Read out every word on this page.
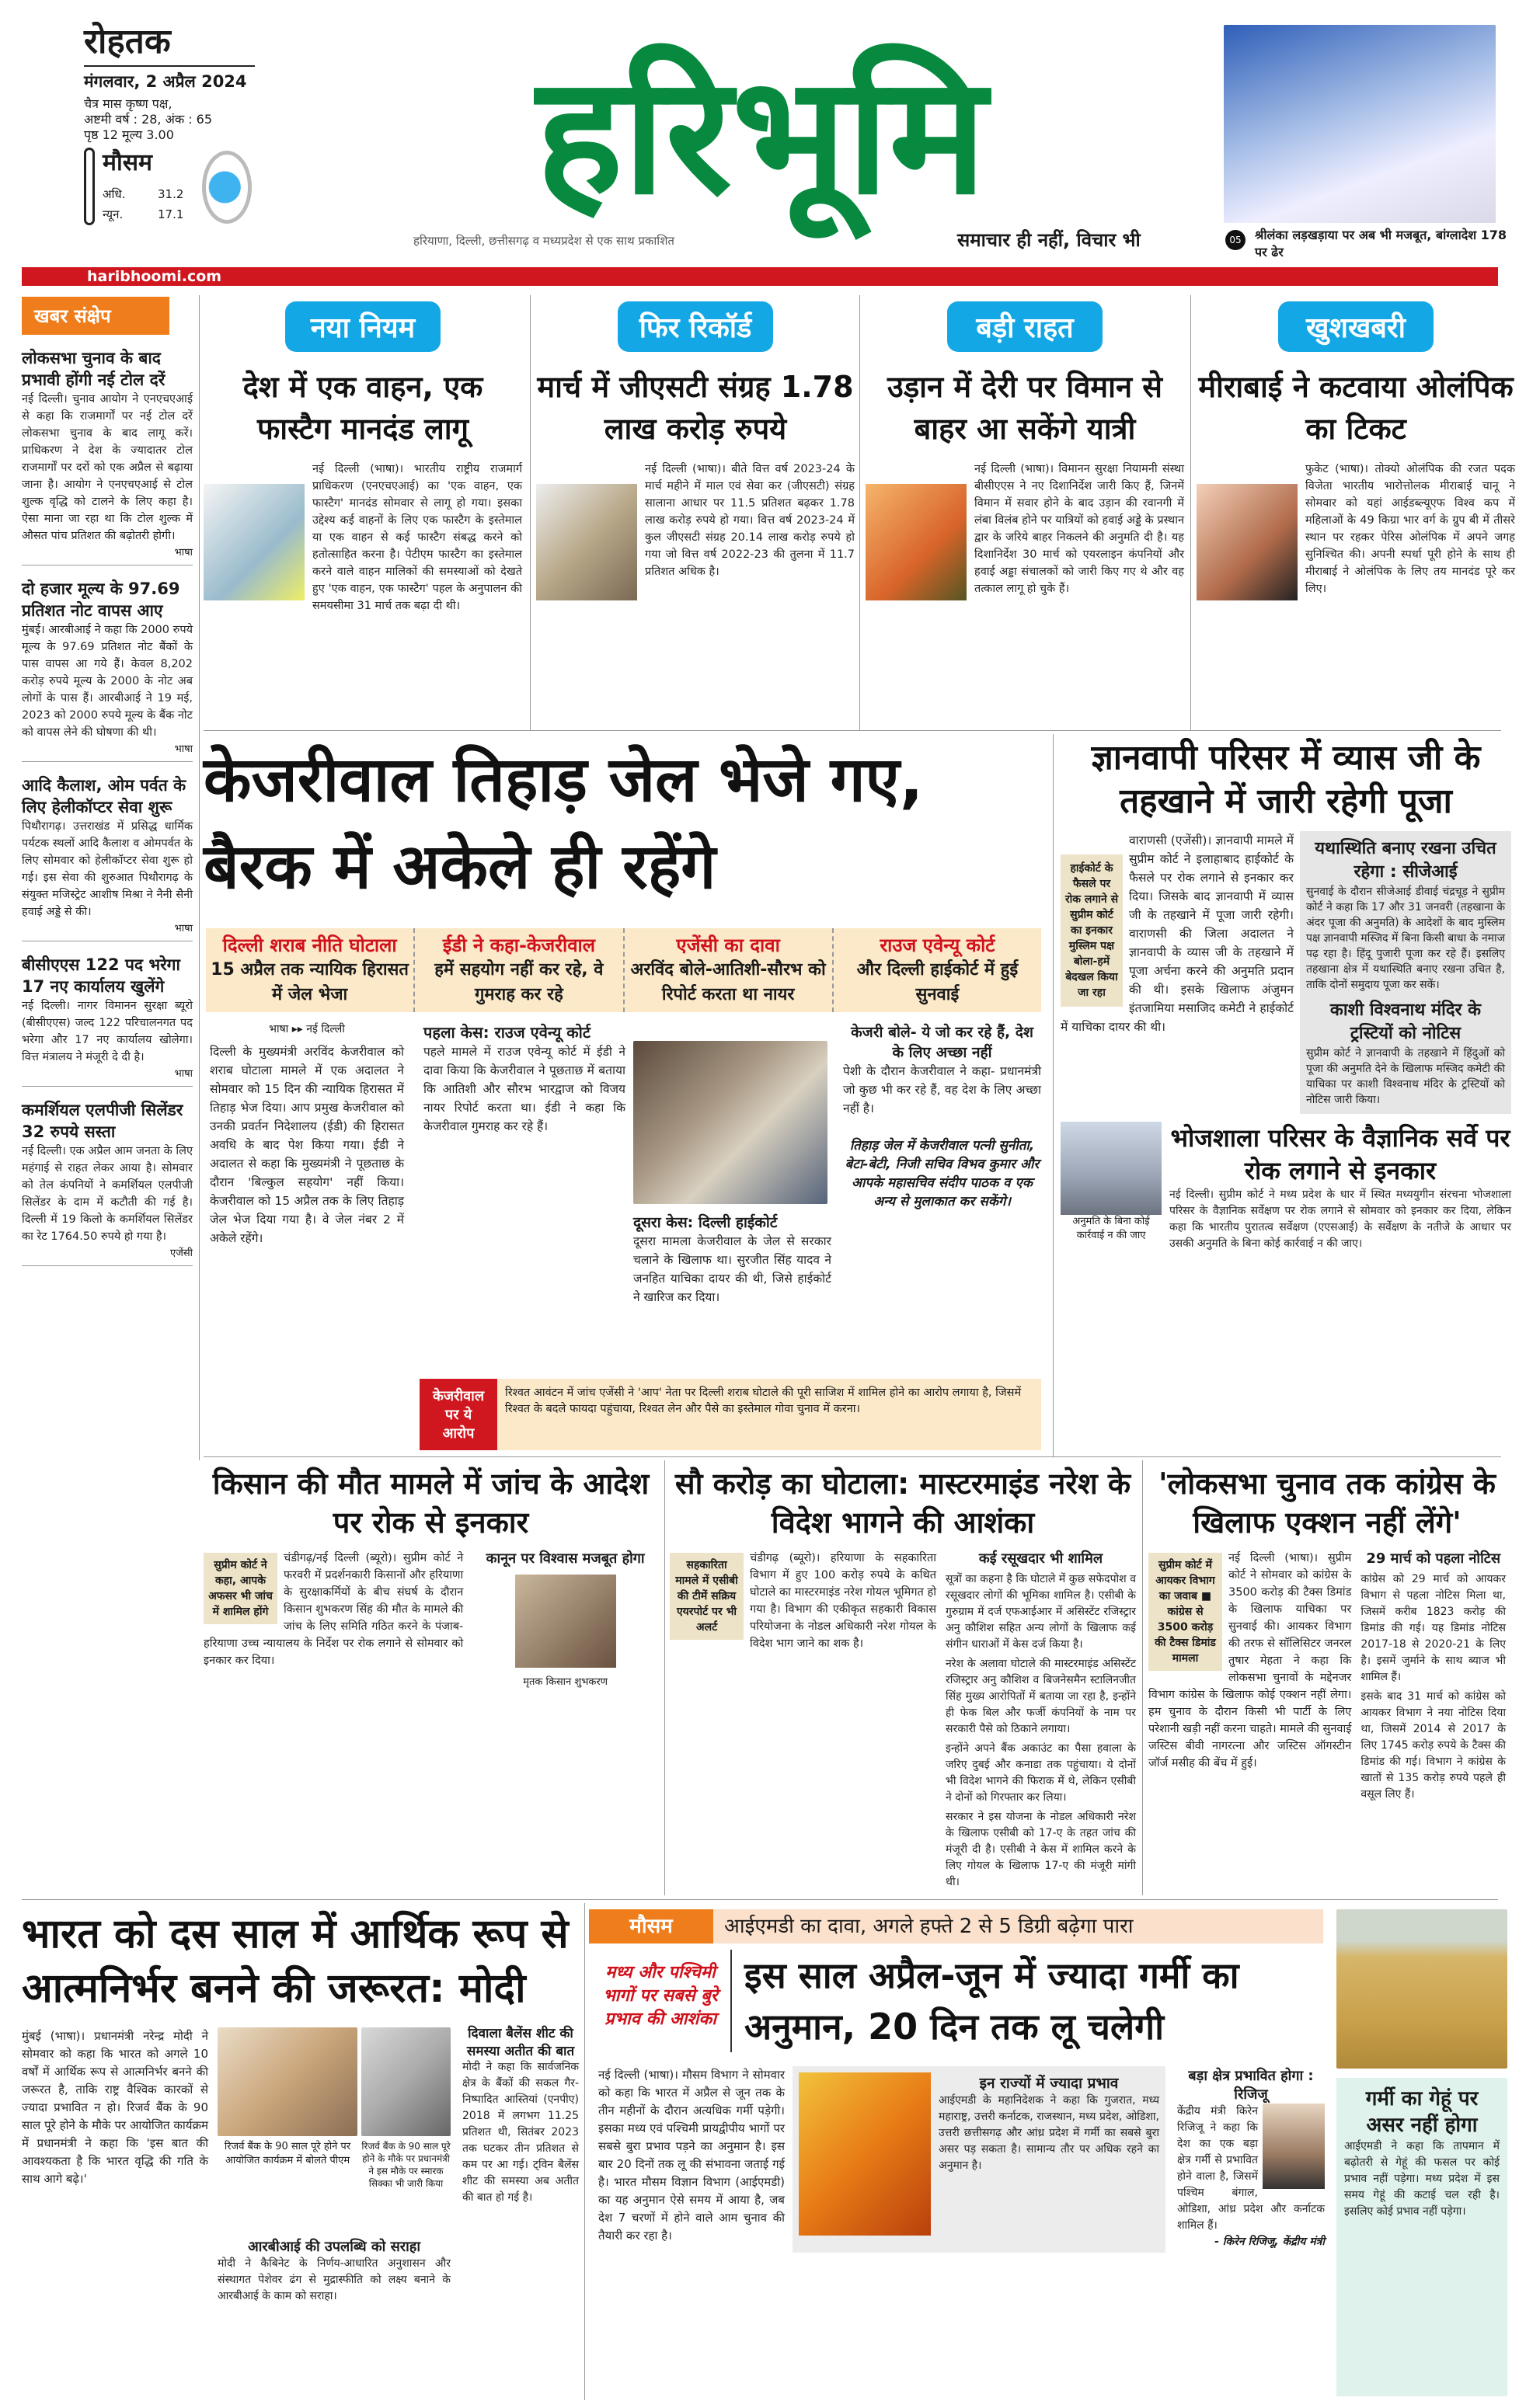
रोहतक
मंगलवार, 2 अप्रैल 2024
चैत्र मास कृष्ण पक्ष,
अष्टमी वर्ष : 28, अंक : 65
पृष्ठ 12 मूल्य 3.00
मौसम
अधि.	31.2
न्यून.	17.1	हरिभूमि
हरियाणा, दिल्ली, छत्तीसगढ़ व मध्यप्रदेश से एक साथ प्रकाशित	समाचार ही नहीं, विचार भी	05	श्रीलंका लड़खड़ाया पर अब भी मजबूत, बांग्लादेश 178 पर ढेर
haribhoomi.com
खबर संक्षेप
लोकसभा चुनाव के बाद प्रभावी होंगी नई टोल दरें
नई दिल्ली। चुनाव आयोग ने एनएचएआई से कहा कि राजमार्गों पर नई टोल दरें लोकसभा चुनाव के बाद लागू करें। प्राधिकरण ने देश के ज्यादातर टोल राजमार्गों पर दरों को एक अप्रैल से बढ़ाया जाना है। आयोग ने एनएचएआई से टोल शुल्क वृद्धि को टालने के लिए कहा है। ऐसा माना जा रहा था कि टोल शुल्क में औसत पांच प्रतिशत की बढ़ोतरी होगी।
भाषा
दो हजार मूल्य के 97.69 प्रतिशत नोट वापस आए
मुंबई। आरबीआई ने कहा कि 2000 रुपये मूल्य के 97.69 प्रतिशत नोट बैंकों के पास वापस आ गये हैं। केवल 8,202 करोड़ रुपये मूल्य के 2000 के नोट अब लोगों के पास हैं। आरबीआई ने 19 मई, 2023 को 2000 रुपये मूल्य के बैंक नोट को वापस लेने की घोषणा की थी।
भाषा
आदि कैलाश, ओम पर्वत के लिए हेलीकॉप्टर सेवा शुरू
पिथौरागढ़। उत्तराखंड में प्रसिद्ध धार्मिक पर्यटक स्थलों आदि कैलाश व ओमपर्वत के लिए सोमवार को हेलीकॉप्टर सेवा शुरू हो गई। इस सेवा की शुरुआत पिथौरागढ़ के संयुक्त मजिस्ट्रेट आशीष मिश्रा ने नैनी सैनी हवाई अड्डे से की।
भाषा
बीसीएएस 122 पद भरेगा 17 नए कार्यालय खुलेंगे
नई दिल्ली। नागर विमानन सुरक्षा ब्यूरो (बीसीएएस) जल्द 122 परिचालनगत पद भरेगा और 17 नए कार्यालय खोलेगा। वित्त मंत्रालय ने मंजूरी दे दी है।
भाषा
कमर्शियल एलपीजी सिलेंडर 32 रुपये सस्ता
नई दिल्ली। एक अप्रैल आम जनता के लिए महंगाई से राहत लेकर आया है। सोमवार को तेल कंपनियों ने कमर्शियल एलपीजी सिलेंडर के दाम में कटौती की गई है। दिल्ली में 19 किलो के कमर्शियल सिलेंडर का रेट 1764.50 रुपये हो गया है।
एजेंसी
नया नियम
देश में एक वाहन, एक फास्टैग मानदंड लागू
नई दिल्ली (भाषा)। भारतीय राष्ट्रीय राजमार्ग प्राधिकरण (एनएचएआई) का 'एक वाहन, एक फास्टैग' मानदंड सोमवार से लागू हो गया। इसका उद्देश्य कई वाहनों के लिए एक फास्टैग के इस्तेमाल या एक वाहन से कई फास्टैग संबद्ध करने को हतोत्साहित करना है। पेटीएम फास्टैग का इस्तेमाल करने वाले वाहन मालिकों की समस्याओं को देखते हुए 'एक वाहन, एक फास्टैग' पहल के अनुपालन की समयसीमा 31 मार्च तक बढ़ा दी थी।
फिर रिकॉर्ड
मार्च में जीएसटी संग्रह 1.78 लाख करोड़ रुपये
नई दिल्ली (भाषा)। बीते वित्त वर्ष 2023-24 के मार्च महीने में माल एवं सेवा कर (जीएसटी) संग्रह सालाना आधार पर 11.5 प्रतिशत बढ़कर 1.78 लाख करोड़ रुपये हो गया। वित्त वर्ष 2023-24 में कुल जीएसटी संग्रह 20.14 लाख करोड़ रुपये हो गया जो वित्त वर्ष 2022-23 की तुलना में 11.7 प्रतिशत अधिक है।
बड़ी राहत
उड़ान में देरी पर विमान से बाहर आ सकेंगे यात्री
नई दिल्ली (भाषा)। विमानन सुरक्षा नियामनी संस्था बीसीएएस ने नए दिशानिर्देश जारी किए हैं, जिनमें विमान में सवार होने के बाद उड़ान की रवानगी में लंबा विलंब होने पर यात्रियों को हवाई अड्डे के प्रस्थान द्वार के जरिये बाहर निकलने की अनुमति दी है। यह दिशानिर्देश 30 मार्च को एयरलाइन कंपनियों और हवाई अड्डा संचालकों को जारी किए गए थे और वह तत्काल लागू हो चुके हैं।
खुशखबरी
मीराबाई ने कटवाया ओलंपिक का टिकट
फुकेट (भाषा)। तोक्यो ओलंपिक की रजत पदक विजेता भारतीय भारोत्तोलक मीराबाई चानू ने सोमवार को यहां आईडब्ल्यूएफ विश्व कप में महिलाओं के 49 किग्रा भार वर्ग के ग्रुप बी में तीसरे स्थान पर रहकर पेरिस ओलंपिक में अपने जगह सुनिश्चित की। अपनी स्पर्धा पूरी होने के साथ ही मीराबाई ने ओलंपिक के लिए तय मानदंड पूरे कर लिए।
केजरीवाल तिहाड़ जेल भेजे गए, बैरक में अकेले ही रहेंगे
दिल्ली शराब नीति घोटाला
15 अप्रैल तक न्यायिक हिरासत में जेल भेजा
ईडी ने कहा-केजरीवाल
हमें सहयोग नहीं कर रहे, वे गुमराह कर रहे
एजेंसी का दावा
अरविंद बोले-आतिशी-सौरभ को रिपोर्ट करता था नायर
राउज एवेन्यू कोर्ट
और दिल्ली हाईकोर्ट में हुई सुनवाई
भाषा ▸▸ नई दिल्ली
दिल्ली के मुख्यमंत्री अरविंद केजरीवाल को शराब घोटाला मामले में एक अदालत ने सोमवार को 15 दिन की न्यायिक हिरासत में तिहाड़ भेज दिया। आप प्रमुख केजरीवाल को उनकी प्रवर्तन निदेशालय (ईडी) की हिरासत अवधि के बाद पेश किया गया। ईडी ने अदालत से कहा कि मुख्यमंत्री ने पूछताछ के दौरान 'बिल्कुल सहयोग' नहीं किया। केजरीवाल को 15 अप्रैल तक के लिए तिहाड़ जेल भेज दिया गया है। वे जेल नंबर 2 में अकेले रहेंगे।
पहला केस: राउज एवेन्यू कोर्ट
पहले मामले में राउज एवेन्यू कोर्ट में ईडी ने दावा किया कि केजरीवाल ने पूछताछ में बताया कि आतिशी और सौरभ भारद्वाज को विजय नायर रिपोर्ट करता था। ईडी ने कहा कि केजरीवाल गुमराह कर रहे हैं।
दूसरा केस: दिल्ली हाईकोर्ट
दूसरा मामला केजरीवाल के जेल से सरकार चलाने के खिलाफ था। सुरजीत सिंह यादव ने जनहित याचिका दायर की थी, जिसे हाईकोर्ट ने खारिज कर दिया।
केजरी बोले- ये जो कर रहे हैं, देश के लिए अच्छा नहीं
पेशी के दौरान केजरीवाल ने कहा- प्रधानमंत्री जो कुछ भी कर रहे हैं, वह देश के लिए अच्छा नहीं है।
तिहाड़ जेल में केजरीवाल पत्नी सुनीता, बेटा-बेटी, निजी सचिव विभव कुमार और आपके महासचिव संदीप पाठक व एक अन्य से मुलाकात कर सकेंगे।
केजरीवाल पर ये आरोप
रिश्वत आवंटन में जांच एजेंसी ने 'आप' नेता पर दिल्ली शराब घोटाले की पूरी साजिश में शामिल होने का आरोप लगाया है, जिसमें रिश्वत के बदले फायदा पहुंचाया, रिश्वत लेन और पैसे का इस्तेमाल गोवा चुनाव में करना।
ज्ञानवापी परिसर में व्यास जी के तहखाने में जारी रहेगी पूजा
हाईकोर्ट के फैसले पर रोक लगाने से सुप्रीम कोर्ट का इनकार मुस्लिम पक्ष बोला-हमें बेदखल किया जा रहा
वाराणसी (एजेंसी)। ज्ञानवापी मामले में सुप्रीम कोर्ट ने इलाहाबाद हाईकोर्ट के फैसले पर रोक लगाने से इनकार कर दिया। जिसके बाद ज्ञानवापी में व्यास जी के तहखाने में पूजा जारी रहेगी। वाराणसी की जिला अदालत ने ज्ञानवापी के व्यास जी के तहखाने में पूजा अर्चना करने की अनुमति प्रदान की थी। इसके खिलाफ अंजुमन इंतजामिया मसाजिद कमेटी ने हाईकोर्ट में याचिका दायर की थी।
यथास्थिति बनाए रखना उचित रहेगा : सीजेआई
सुनवाई के दौरान सीजेआई डीवाई चंद्रचूड़ ने सुप्रीम कोर्ट ने कहा कि 17 और 31 जनवरी (तहखाना के अंदर पूजा की अनुमति) के आदेशों के बाद मुस्लिम पक्ष ज्ञानवापी मस्जिद में बिना किसी बाधा के नमाज पढ़ रहा है। हिंदू पुजारी पूजा कर रहे हैं। इसलिए तहखाना क्षेत्र में यथास्थिति बनाए रखना उचित है, ताकि दोनों समुदाय पूजा कर सकें।
काशी विश्वनाथ मंदिर के ट्रस्टियों को नोटिस
सुप्रीम कोर्ट ने ज्ञानवापी के तहखाने में हिंदुओं को पूजा की अनुमति देने के खिलाफ मस्जिद कमेटी की याचिका पर काशी विश्वनाथ मंदिर के ट्रस्टियों को नोटिस जारी किया।
अनुमति के बिना कोई कार्रवाई न की जाए
भोजशाला परिसर के वैज्ञानिक सर्वे पर रोक लगाने से इनकार
नई दिल्ली। सुप्रीम कोर्ट ने मध्य प्रदेश के धार में स्थित मध्ययुगीन संरचना भोजशाला परिसर के वैज्ञानिक सर्वेक्षण पर रोक लगाने से सोमवार को इनकार कर दिया, लेकिन कहा कि भारतीय पुरातत्व सर्वेक्षण (एएसआई) के सर्वेक्षण के नतीजे के आधार पर उसकी अनुमति के बिना कोई कार्रवाई न की जाए।
किसान की मौत मामले में जांच के आदेश पर रोक से इनकार
सुप्रीम कोर्ट ने कहा, आपके अफसर भी जांच में शामिल होंगे
चंडीगढ़/नई दिल्ली (ब्यूरो)। सुप्रीम कोर्ट ने फरवरी में प्रदर्शनकारी किसानों और हरियाणा के सुरक्षाकर्मियों के बीच संघर्ष के दौरान किसान शुभकरण सिंह की मौत के मामले की जांच के लिए समिति गठित करने के पंजाब-हरियाणा उच्च न्यायालय के निर्देश पर रोक लगाने से सोमवार को इनकार कर दिया।
कानून पर विश्वास मजबूत होगा
मृतक किसान शुभकरण
सौ करोड़ का घोटाला: मास्टरमाइंड नरेश के विदेश भागने की आशंका
सहकारिता मामले में एसीबी की टीमें सक्रिय एयरपोर्ट पर भी अलर्ट
चंडीगढ़ (ब्यूरो)। हरियाणा के सहकारिता विभाग में हुए 100 करोड़ रुपये के कथित घोटाले का मास्टरमाइंड नरेश गोयल भूमिगत हो गया है। विभाग की एकीकृत सहकारी विकास परियोजना के नोडल अधिकारी नरेश गोयल के विदेश भाग जाने का शक है।
कई रसूखदार भी शामिल
सूत्रों का कहना है कि घोटाले में कुछ सफेदपोश व रसूखदार लोगों की भूमिका शामिल है। एसीबी के गुरुग्राम में दर्ज एफआईआर में असिस्टेंट रजिस्ट्रार अनु कौशिश सहित अन्य लोगों के खिलाफ कई संगीन धाराओं में केस दर्ज किया है।
नरेश के अलावा घोटाले की मास्टरमाइंड असिस्टेंट रजिस्ट्रार अनु कौशिश व बिजनेसमैन स्टालिनजीत सिंह मुख्य आरोपितों में बताया जा रहा है, इन्होंने ही फेक बिल और फर्जी कंपनियों के नाम पर सरकारी पैसे को ठिकाने लगाया।
इन्होंने अपने बैंक अकाउंट का पैसा हवाला के जरिए दुबई और कनाडा तक पहुंचाया। ये दोनों भी विदेश भागने की फिराक में थे, लेकिन एसीबी ने दोनों को गिरफ्तार कर लिया।
सरकार ने इस योजना के नोडल अधिकारी नरेश के खिलाफ एसीबी को 17-ए के तहत जांच की मंजूरी दी है। एसीबी ने केस में शामिल करने के लिए गोयल के खिलाफ 17-ए की मंजूरी मांगी थी।
'लोकसभा चुनाव तक कांग्रेस के खिलाफ एक्शन नहीं लेंगे'
सुप्रीम कोर्ट में आयकर विभाग का जवाब ■ कांग्रेस से 3500 करोड़ की टैक्स डिमांड मामला
नई दिल्ली (भाषा)। सुप्रीम कोर्ट ने सोमवार को कांग्रेस के 3500 करोड़ की टैक्स डिमांड के खिलाफ याचिका पर सुनवाई की। आयकर विभाग की तरफ से सॉलिसिटर जनरल तुषार मेहता ने कहा कि लोकसभा चुनावों के मद्देनजर विभाग कांग्रेस के खिलाफ कोई एक्शन नहीं लेगा। हम चुनाव के दौरान किसी भी पार्टी के लिए परेशानी खड़ी नहीं करना चाहते। मामले की सुनवाई जस्टिस बीवी नागरत्ना और जस्टिस ऑगस्टीन जॉर्ज मसीह की बेंच में हुई।
29 मार्च को पहला नोटिस
कांग्रेस को 29 मार्च को आयकर विभाग से पहला नोटिस मिला था, जिसमें करीब 1823 करोड़ की डिमांड की गई। यह डिमांड नोटिस 2017-18 से 2020-21 के लिए है। इसमें जुर्माने के साथ ब्याज भी शामिल हैं।
इसके बाद 31 मार्च को कांग्रेस को आयकर विभाग ने नया नोटिस दिया था, जिसमें 2014 से 2017 के लिए 1745 करोड़ रुपये के टैक्स की डिमांड की गई। विभाग ने कांग्रेस के खातों से 135 करोड़ रुपये पहले ही वसूल लिए हैं।
भारत को दस साल में आर्थिक रूप से आत्मनिर्भर बनने की जरूरत: मोदी
मुंबई (भाषा)। प्रधानमंत्री नरेन्द्र मोदी ने सोमवार को कहा कि भारत को अगले 10 वर्षों में आर्थिक रूप से आत्मनिर्भर बनने की जरूरत है, ताकि राष्ट्र वैश्विक कारकों से ज्यादा प्रभावित न हो। रिजर्व बैंक के 90 साल पूरे होने के मौके पर आयोजित कार्यक्रम में प्रधानमंत्री ने कहा कि 'इस बात की आवश्यकता है कि भारत वृद्धि की गति के साथ आगे बढ़े।'
रिजर्व बैंक के 90 साल पूरे होने पर आयोजित कार्यक्रम में बोलते पीएम
रिजर्व बैंक के 90 साल पूरे होने के मौके पर प्रधानमंत्री ने इस मौके पर स्मारक सिक्का भी जारी किया
आरबीआई की उपलब्धि को सराहा
मोदी ने कैबिनेट के निर्णय-आधारित अनुशासन और संस्थागत पेशेवर ढंग से मुद्रास्फीति को लक्ष्य बनाने के आरबीआई के काम को सराहा।
दिवाला बैलेंस शीट की समस्या अतीत की बात
मोदी ने कहा कि सार्वजनिक क्षेत्र के बैंकों की सकल गैर-निष्पादित आस्तियां (एनपीए) 2018 में लगभग 11.25 प्रतिशत थी, सितंबर 2023 तक घटकर तीन प्रतिशत से कम पर आ गई। ट्विन बैलेंस शीट की समस्या अब अतीत की बात हो गई है।
मौसम	आईएमडी का दावा, अगले हफ्ते 2 से 5 डिग्री बढ़ेगा पारा
मध्य और पश्चिमी भागों पर सबसे बुरे प्रभाव की आशंका
इस साल अप्रैल-जून में ज्यादा गर्मी का अनुमान, 20 दिन तक लू चलेगी
नई दिल्ली (भाषा)। मौसम विभाग ने सोमवार को कहा कि भारत में अप्रैल से जून तक के तीन महीनों के दौरान अत्यधिक गर्मी पड़ेगी। इसका मध्य एवं पश्चिमी प्रायद्वीपीय भागों पर सबसे बुरा प्रभाव पड़ने का अनुमान है। इस बार 20 दिनों तक लू की संभावना जताई गई है। भारत मौसम विज्ञान विभाग (आईएमडी) का यह अनुमान ऐसे समय में आया है, जब देश 7 चरणों में होने वाले आम चुनाव की तैयारी कर रहा है।
इन राज्यों में ज्यादा प्रभाव
आईएमडी के महानिदेशक ने कहा कि गुजरात, मध्य महाराष्ट्र, उत्तरी कर्नाटक, राजस्थान, मध्य प्रदेश, ओडिशा, उत्तरी छत्तीसगढ़ और आंध्र प्रदेश में गर्मी का सबसे बुरा असर पड़ सकता है। सामान्य तौर पर अधिक रहने का अनुमान है।
बड़ा क्षेत्र प्रभावित होगा : रिजिजू
केंद्रीय मंत्री किरेन रिजिजू ने कहा कि देश का एक बड़ा क्षेत्र गर्मी से प्रभावित होने वाला है, जिसमें पश्चिम बंगाल, ओडिशा, आंध्र प्रदेश और कर्नाटक शामिल हैं।
- किरेन रिजिजू, केंद्रीय मंत्री
गर्मी का गेहूं पर असर नहीं होगा
आईएमडी ने कहा कि तापमान में बढ़ोतरी से गेहूं की फसल पर कोई प्रभाव नहीं पड़ेगा। मध्य प्रदेश में इस समय गेहूं की कटाई चल रही है। इसलिए कोई प्रभाव नहीं पड़ेगा।
